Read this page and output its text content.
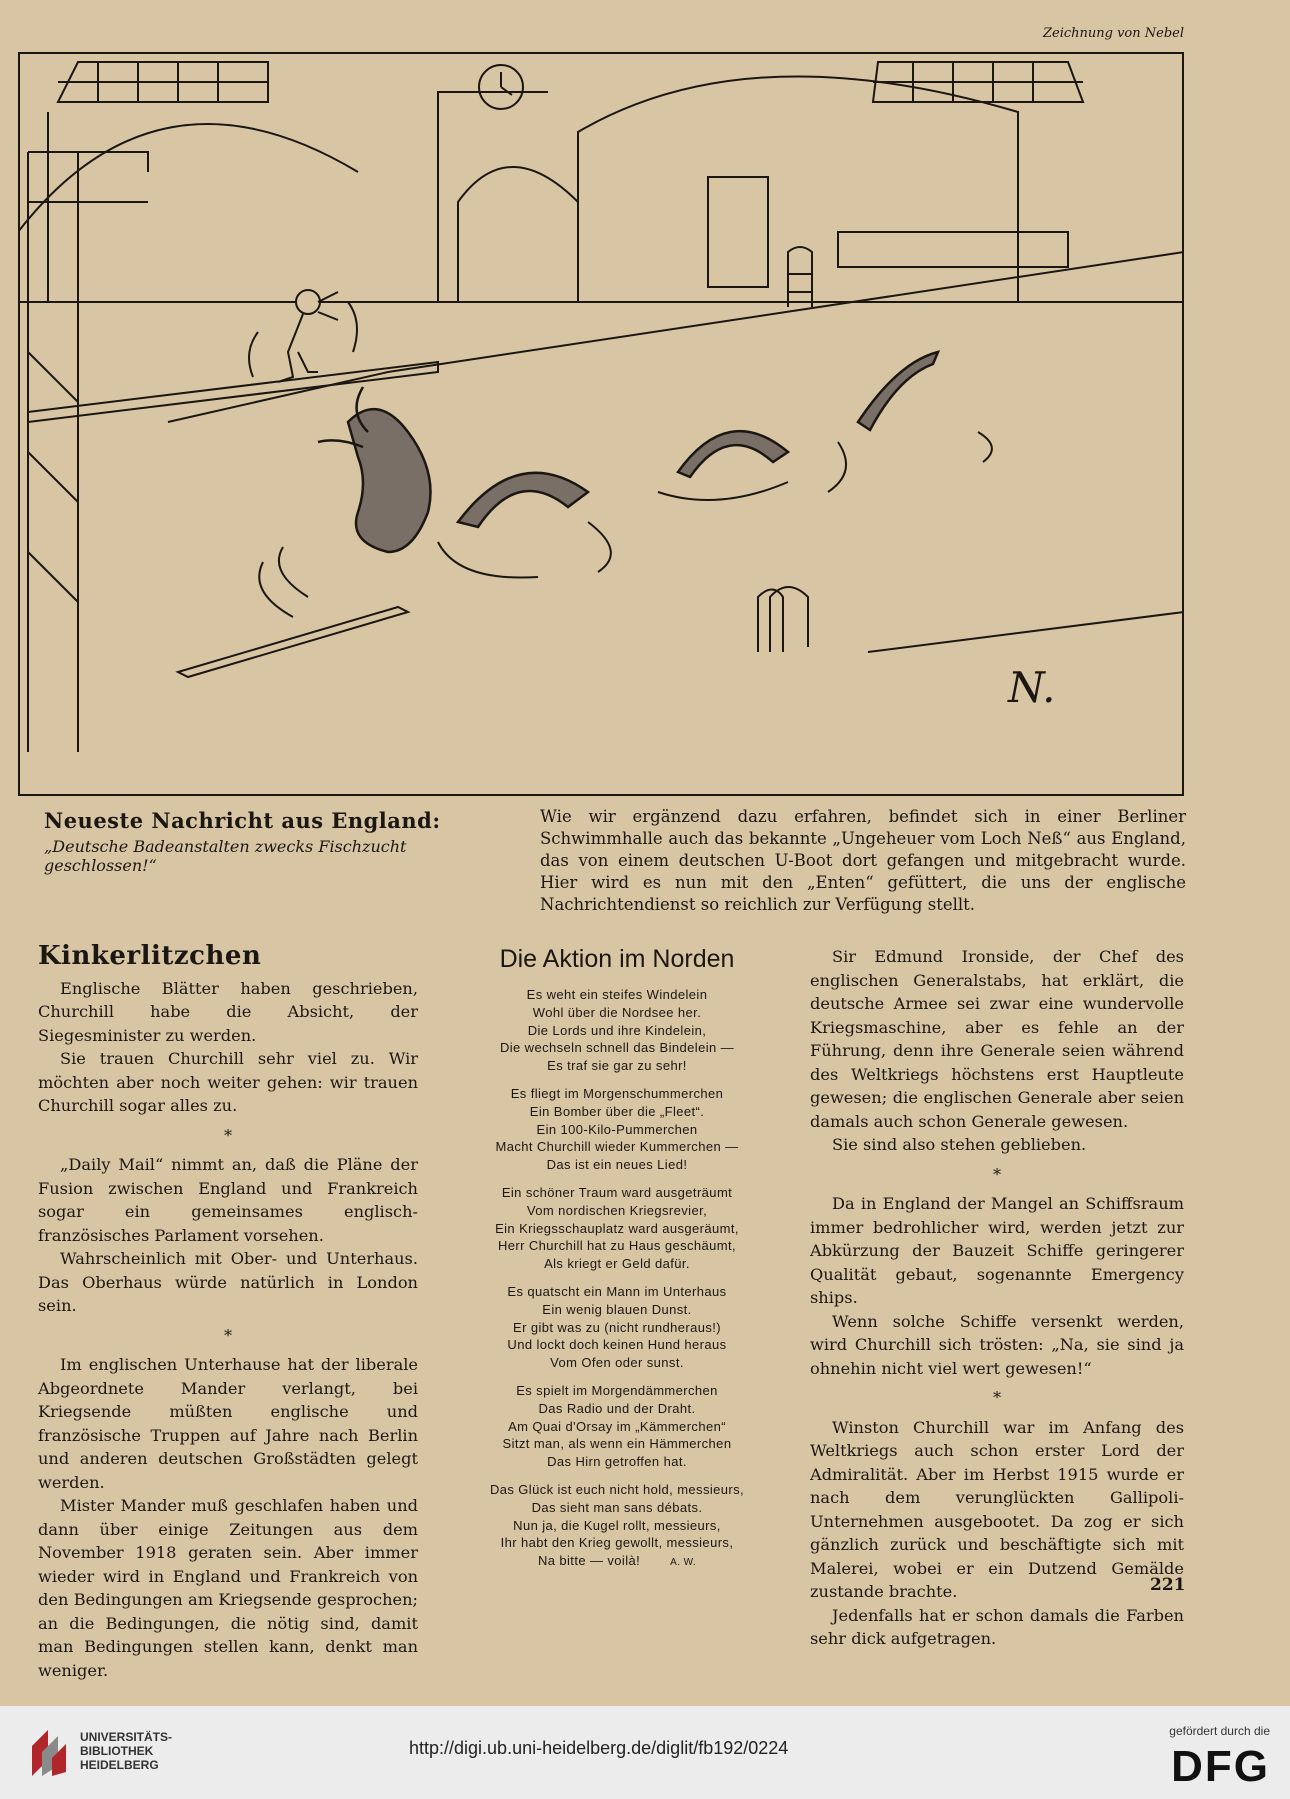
Zeichnung von Nebel
N.
Neueste Nachricht aus England:
„Deutsche Badeanstalten zwecks Fischzucht geschlossen!“
Wie wir ergänzend dazu erfahren, befindet sich in einer Berliner Schwimmhalle auch das bekannte „Ungeheuer vom Loch Neß“ aus England, das von einem deutschen U-Boot dort gefangen und mitgebracht wurde. Hier wird es nun mit den „Enten“ gefüttert, die uns der englische Nachrichtendienst so reichlich zur Verfügung stellt.
Kinkerlitzchen

Englische Blätter haben geschrieben, Churchill habe die Absicht, der Siegesminister zu werden.

Sie trauen Churchill sehr viel zu. Wir möchten aber noch weiter gehen: wir trauen Churchill sogar alles zu.

*

„Daily Mail“ nimmt an, daß die Pläne der Fusion zwischen England und Frankreich sogar ein gemeinsames englisch-französisches Parlament vorsehen.

Wahrscheinlich mit Ober- und Unterhaus. Das Oberhaus würde natürlich in London sein.

*

Im englischen Unterhause hat der liberale Abgeordnete Mander verlangt, bei Kriegsende müßten englische und französische Truppen auf Jahre nach Berlin und anderen deutschen Großstädten gelegt werden.

Mister Mander muß geschlafen haben und dann über einige Zeitungen aus dem November 1918 geraten sein. Aber immer wieder wird in England und Frankreich von den Bedingungen am Kriegsende gesprochen; an die Bedingungen, die nötig sind, damit man Bedingungen stellen kann, denkt man weniger.

Die Aktion im Norden
Es weht ein steifes Windelein
Wohl über die Nordsee her.
Die Lords und ihre Kindelein,
Die wechseln schnell das Bindelein —
Es traf sie gar zu sehr!
Es fliegt im Morgenschummerchen
Ein Bomber über die „Fleet“.
Ein 100-Kilo-Pummerchen
Macht Churchill wieder Kummerchen —
Das ist ein neues Lied!
Ein schöner Traum ward ausgeträumt
Vom nordischen Kriegsrevier,
Ein Kriegsschauplatz ward ausgeräumt,
Herr Churchill hat zu Haus geschäumt,
Als kriegt er Geld dafür.
Es quatscht ein Mann im Unterhaus
Ein wenig blauen Dunst.
Er gibt was zu (nicht rundheraus!)
Und lockt doch keinen Hund heraus
Vom Ofen oder sunst.
Es spielt im Morgendämmerchen
Das Radio und der Draht.
Am Quai d'Orsay im „Kämmerchen“
Sitzt man, als wenn ein Hämmerchen
Das Hirn getroffen hat.
Das Glück ist euch nicht hold, messieurs,
Das sieht man sans débats.
Nun ja, die Kugel rollt, messieurs,
Ihr habt den Krieg gewollt, messieurs,
Na bitte — voilà!	A. W.

Sir Edmund Ironside, der Chef des englischen Generalstabs, hat erklärt, die deutsche Armee sei zwar eine wundervolle Kriegsmaschine, aber es fehle an der Führung, denn ihre Generale seien während des Weltkriegs höchstens erst Hauptleute gewesen; die englischen Generale aber seien damals auch schon Generale gewesen.

Sie sind also stehen geblieben.

*

Da in England der Mangel an Schiffsraum immer bedrohlicher wird, werden jetzt zur Abkürzung der Bauzeit Schiffe geringerer Qualität gebaut, sogenannte Emergency ships.

Wenn solche Schiffe versenkt werden, wird Churchill sich trösten: „Na, sie sind ja ohnehin nicht viel wert gewesen!“

*

Winston Churchill war im Anfang des Weltkriegs auch schon erster Lord der Admiralität. Aber im Herbst 1915 wurde er nach dem verunglückten Gallipoli-Unternehmen ausgebootet. Da zog er sich gänzlich zurück und beschäftigte sich mit Malerei, wobei er ein Dutzend Gemälde zustande brachte.

Jedenfalls hat er schon damals die Farben sehr dick aufgetragen.

221
UNIVERSITÄTS-
BIBLIOTHEK
HEIDELBERG
http://digi.ub.uni-heidelberg.de/diglit/fb192/0224
gefördert durch die
DFG
